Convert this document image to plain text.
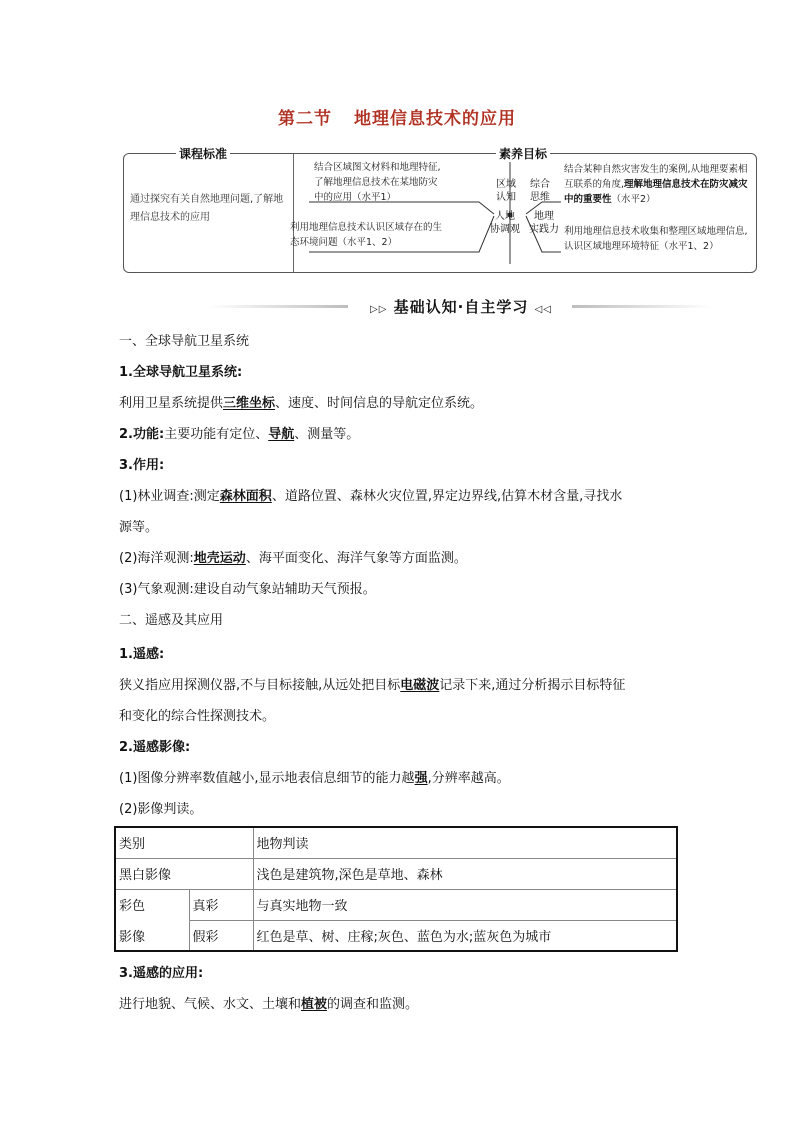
第二节 地理信息技术的应用
课程标准	素养目标
通过探究有关自然地理问题,了解地理信息技术的应用
结合区域图文材料和地理特征,了解地理信息技术在某地防灾中的应用（水平1）
结合某种自然灾害发生的案例,从地理要素相互联系的角度,理解地理信息技术在防灾减灾中的重要性（水平2）
利用地理信息技术认识区域存在的生态环境问题（水平1、2）
利用地理信息技术收集和整理区域地理信息,认识区域地理环境特征（水平1、2）
区域
认知
综合
思维
人地
协调观
地理
实践力
▷▷ 基础认知·自主学习 ◁◁
一、全球导航卫星系统
1.全球导航卫星系统:
利用卫星系统提供三维坐标、速度、时间信息的导航定位系统。
2.功能:主要功能有定位、导航、测量等。
3.作用:
(1)林业调查:测定森林面积、道路位置、森林火灾位置,界定边界线,估算木材含量,寻找水
源等。
(2)海洋观测:地壳运动、海平面变化、海洋气象等方面监测。
(3)气象观测:建设自动气象站辅助天气预报。
二、遥感及其应用
1.遥感:
狭义指应用探测仪器,不与目标接触,从远处把目标电磁波记录下来,通过分析揭示目标特征
和变化的综合性探测技术。
2.遥感影像:
(1)图像分辨率数值越小,显示地表信息细节的能力越强,分辨率越高。
(2)影像判读。
类别		地物判读
黑白影像		浅色是建筑物,深色是草地、森林
彩色	真彩	与真实地物一致
影像	假彩	红色是草、树、庄稼;灰色、蓝色为水;蓝灰色为城市
3.遥感的应用:
进行地貌、气候、水文、土壤和植被的调查和监测。
